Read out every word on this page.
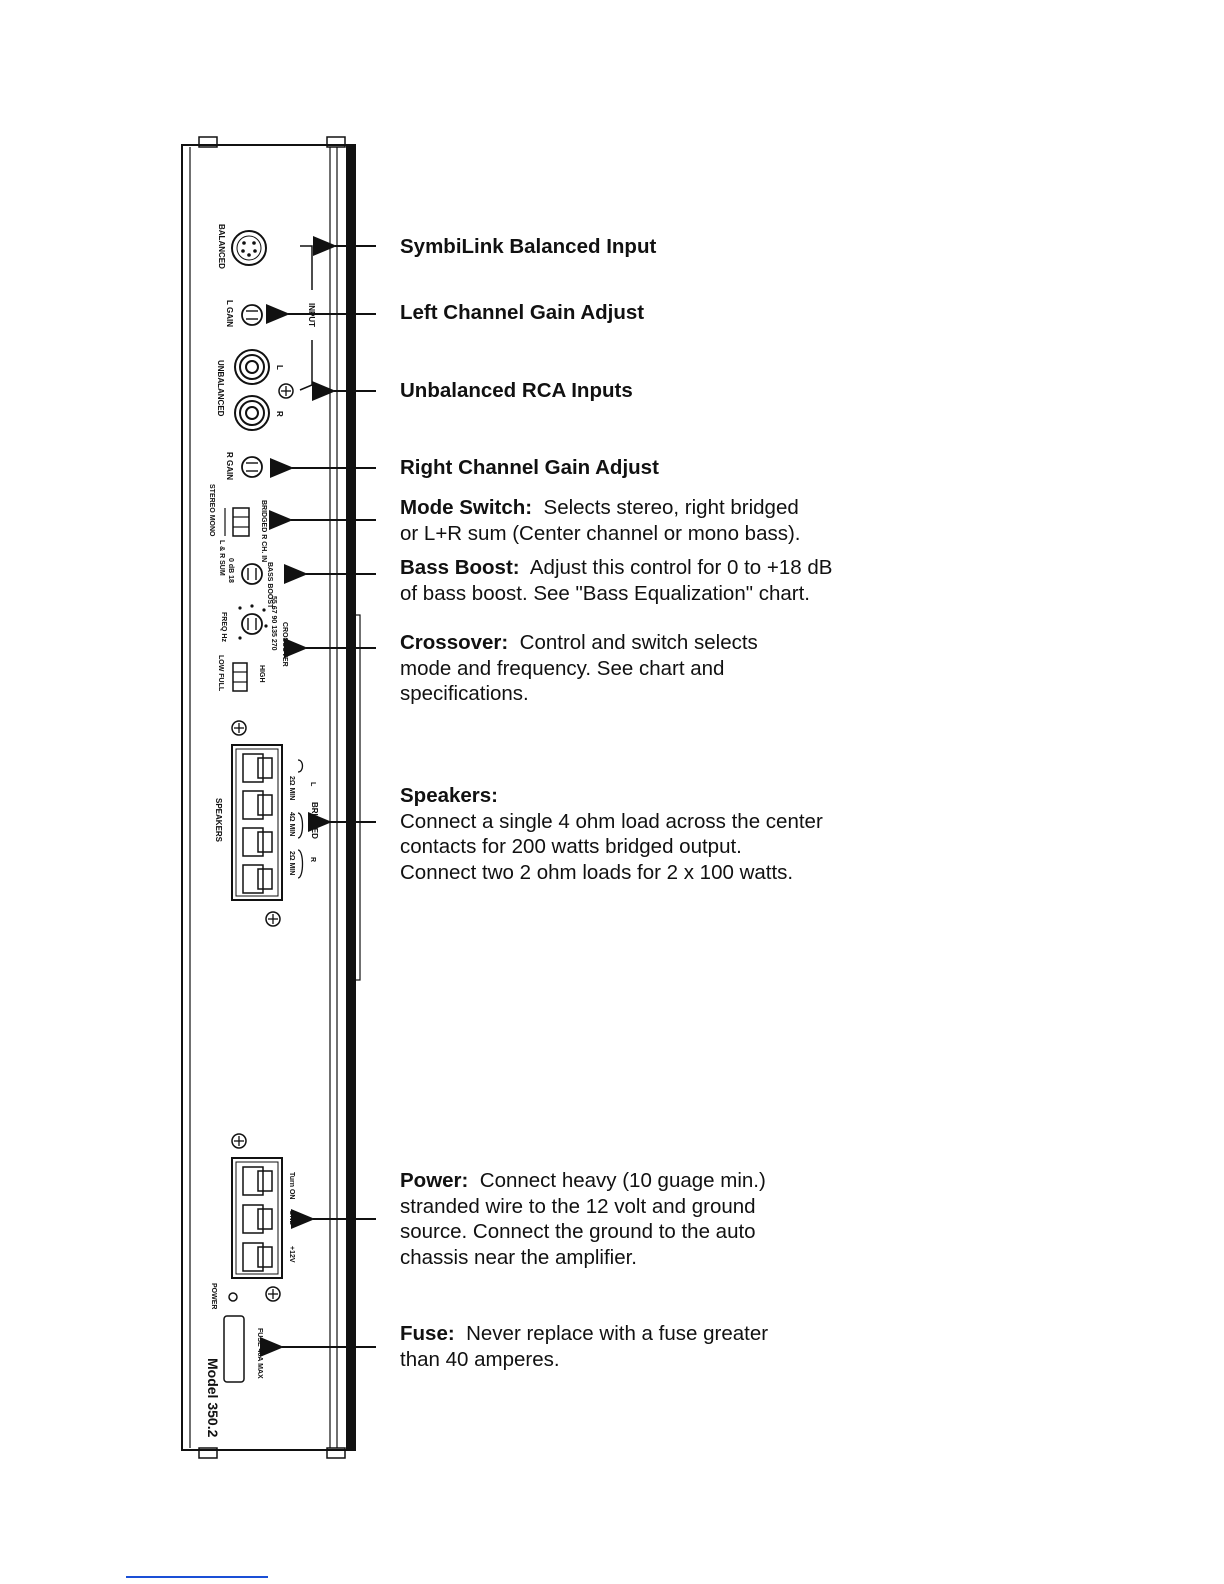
BALANCED
INPUT
L GAIN
UNBALANCED	L
R
R GAIN
BRIDGED R CH. IN
L & R SUM
STEREO MONO
BASS BOOST
0 dB 18
CROSSOVER
55 67 90 135 270
FREQ Hz
HIGH
LOW FULL
SPEAKERS	BRIDGED
L
R
2Ω MIN
4Ω MIN
2Ω MIN
Turn ON
GND
+12V
POWER
FUSE 40A MAX
Model 350.2
SymbiLink Balanced Input
Left Channel Gain Adjust
Unbalanced RCA Inputs
Right Channel Gain Adjust
Mode Switch: Selects stereo, right bridged
or L+R sum (Center channel or mono bass).
Bass Boost: Adjust this control for 0 to +18 dB
of bass boost. See "Bass Equalization" chart.
Crossover: Control and switch selects
mode and frequency. See chart and
specifications.
Speakers:
Connect a single 4 ohm load across the center
contacts for 200 watts bridged output.
Connect two 2 ohm loads for 2 x 100 watts.
Power: Connect heavy (10 guage min.)
stranded wire to the 12 volt and ground
source. Connect the ground to the auto
chassis near the amplifier.
Fuse: Never replace with a fuse greater
than 40 amperes.
